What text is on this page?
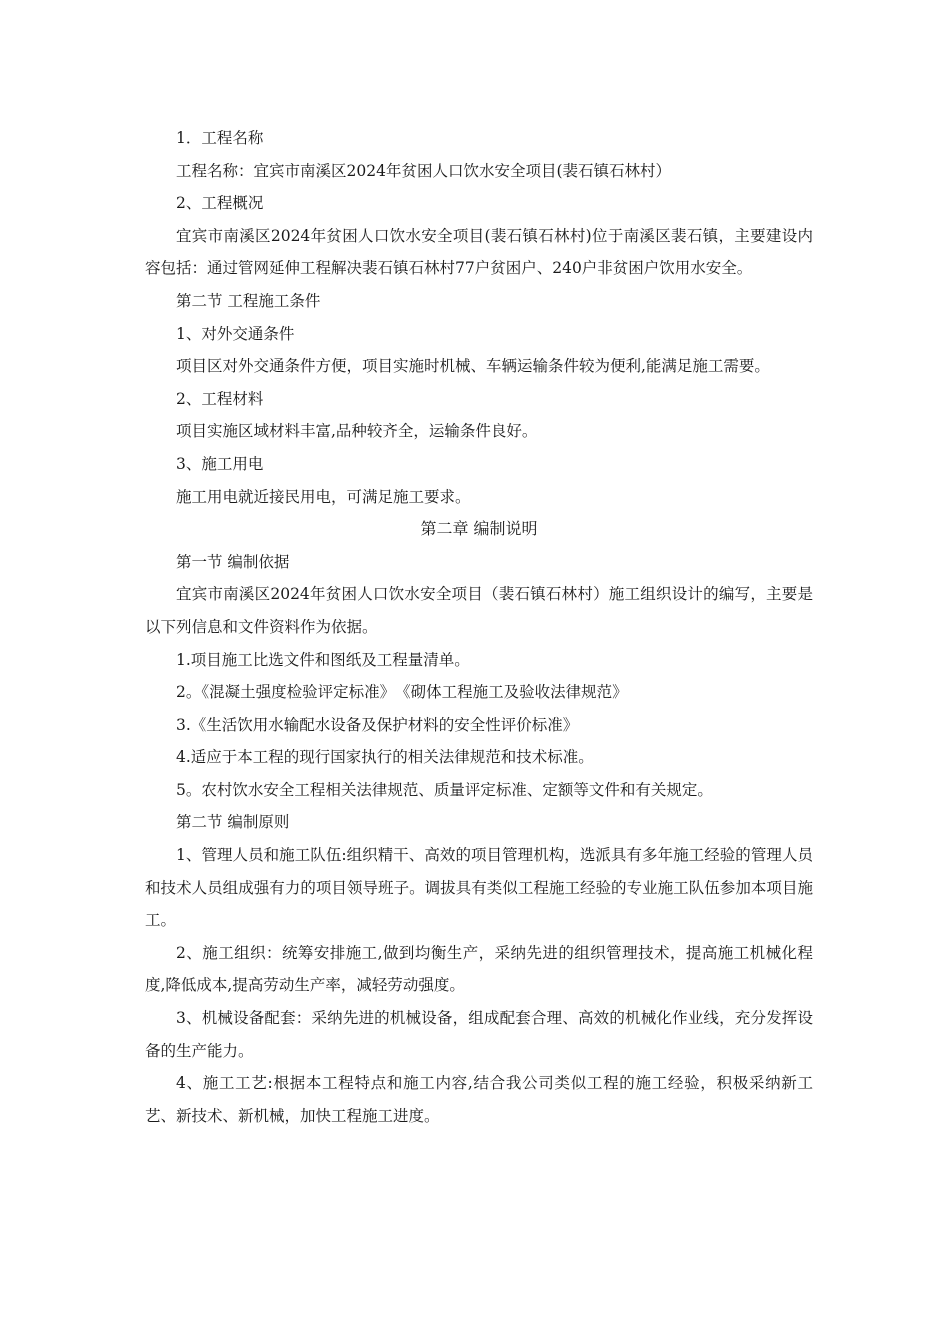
1．工程名称

工程名称：宜宾市南溪区2024年贫困人口饮水安全项目(裴石镇石林村）

2、工程概况

宜宾市南溪区2024年贫困人口饮水安全项目(裴石镇石林村)位于南溪区裴石镇，主要建设内容包括：通过管网延伸工程解决裴石镇石林村77户贫困户、240户非贫困户饮用水安全。

第二节 工程施工条件

1、对外交通条件

项目区对外交通条件方便，项目实施时机械、车辆运输条件较为便利,能满足施工需要。

2、工程材料

项目实施区域材料丰富,品种较齐全，运输条件良好。

3、施工用电

施工用电就近接民用电，可满足施工要求。

第二章 编制说明

第一节 编制依据

宜宾市南溪区2024年贫困人口饮水安全项目（裴石镇石林村）施工组织设计的编写，主要是以下列信息和文件资料作为依据。

1.项目施工比选文件和图纸及工程量清单。

2。《混凝土强度检验评定标准》　《砌体工程施工及验收法律规范》

3.《生活饮用水输配水设备及保护材料的安全性评价标准》

4.适应于本工程的现行国家执行的相关法律规范和技术标准。

5。农村饮水安全工程相关法律规范、质量评定标准、定额等文件和有关规定。

第二节 编制原则

1、管理人员和施工队伍:组织精干、高效的项目管理机构，选派具有多年施工经验的管理人员和技术人员组成强有力的项目领导班子。调拔具有类似工程施工经验的专业施工队伍参加本项目施工。

2、施工组织：统筹安排施工,做到均衡生产，采纳先进的组织管理技术，提高施工机械化程度,降低成本,提高劳动生产率，减轻劳动强度。

3、机械设备配套：采纳先进的机械设备，组成配套合理、高效的机械化作业线，充分发挥设备的生产能力。

4、施工工艺:根据本工程特点和施工内容,结合我公司类似工程的施工经验，积极采纳新工艺、新技术、新机械，加快工程施工进度。
